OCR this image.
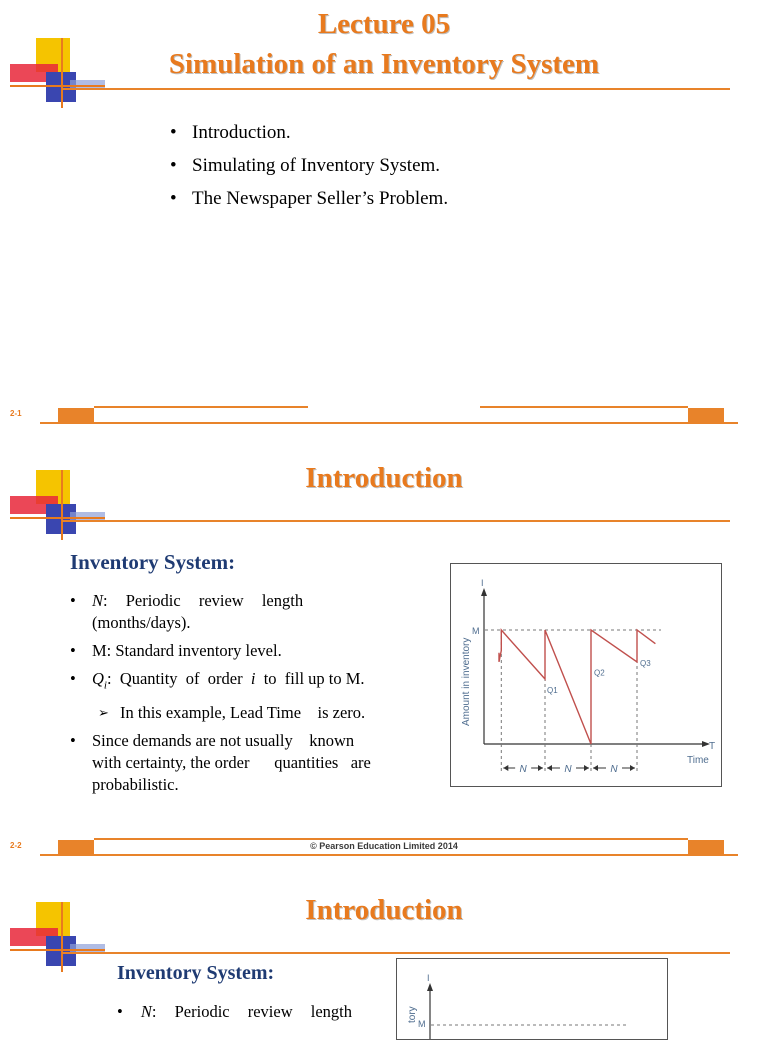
Lecture 05
Simulation of an Inventory System
• Introduction.
• Simulating of Inventory System.
• The Newspaper Seller’s Problem.
2-1
Introduction
Inventory System:
• N: Periodic review length
(months/days).
• M: Standard inventory level.
• $Q_i$:  Quantity  of  order  i  to  fill up to M.
➢ In this example, Lead Time    is zero.
• Since demands are not usually    known
with certainty, the order      quantities   are
probabilistic.
I
T
Amount in inventory
Time
M
Q1
Q2
Q3
N	N	N
2-2	© Pearson Education Limited 2014
Introduction
Inventory System:
• N: Periodic review length
I
M
tory
